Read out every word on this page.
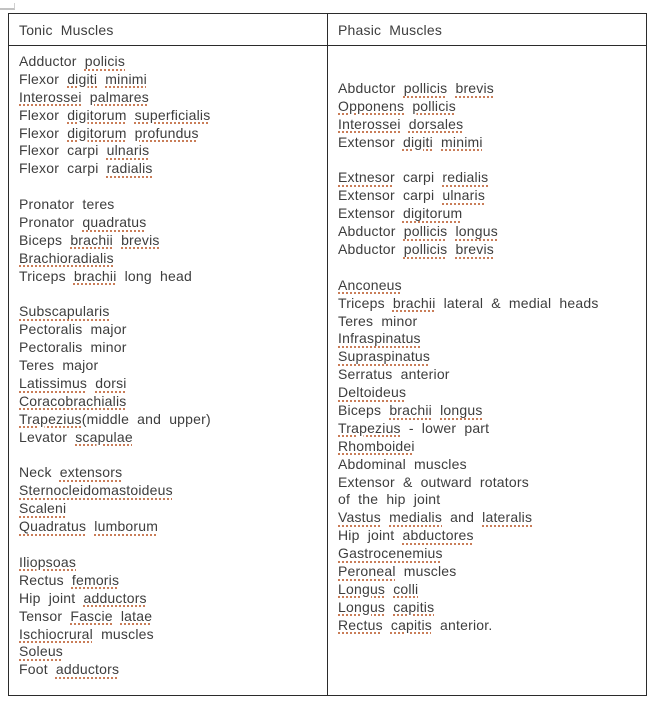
Tonic Muscles	Phasic Muscles
Adductor policis
Flexor digiti minimi
Interossei palmares
Flexor digitorum superficialis
Flexor digitorum profundus
Flexor carpi ulnaris
Flexor carpi radialis

Pronator teres
Pronator quadratus
Biceps brachii brevis
Brachioradialis
Triceps brachii long head

Subscapularis
Pectoralis major
Pectoralis minor
Teres major
Latissimus dorsi
Coracobrachialis
Trapezius(middle and upper)
Levator scapulae

Neck extensors
Sternocleidomastoideus
Scaleni
Quadratus lumborum

Iliopsoas
Rectus femoris
Hip joint adductors
Tensor Fascie latae
Ischiocrural muscles
Soleus
Foot adductors
Abductor pollicis brevis
Opponens pollicis
Interossei dorsales
Extensor digiti minimi

Extnesor carpi redialis
Extensor carpi ulnaris
Extensor digitorum
Abductor pollicis longus
Abductor pollicis brevis

Anconeus
Triceps brachii lateral & medial heads
Teres minor
Infraspinatus
Supraspinatus
Serratus anterior
Deltoideus
Biceps brachii longus
Trapezius - lower part
Rhomboidei
Abdominal muscles
Extensor & outward rotators
of the hip joint
Vastus medialis and lateralis
Hip joint abductores
Gastrocenemius
Peroneal muscles
Longus colli
Longus capitis
Rectus capitis anterior.
